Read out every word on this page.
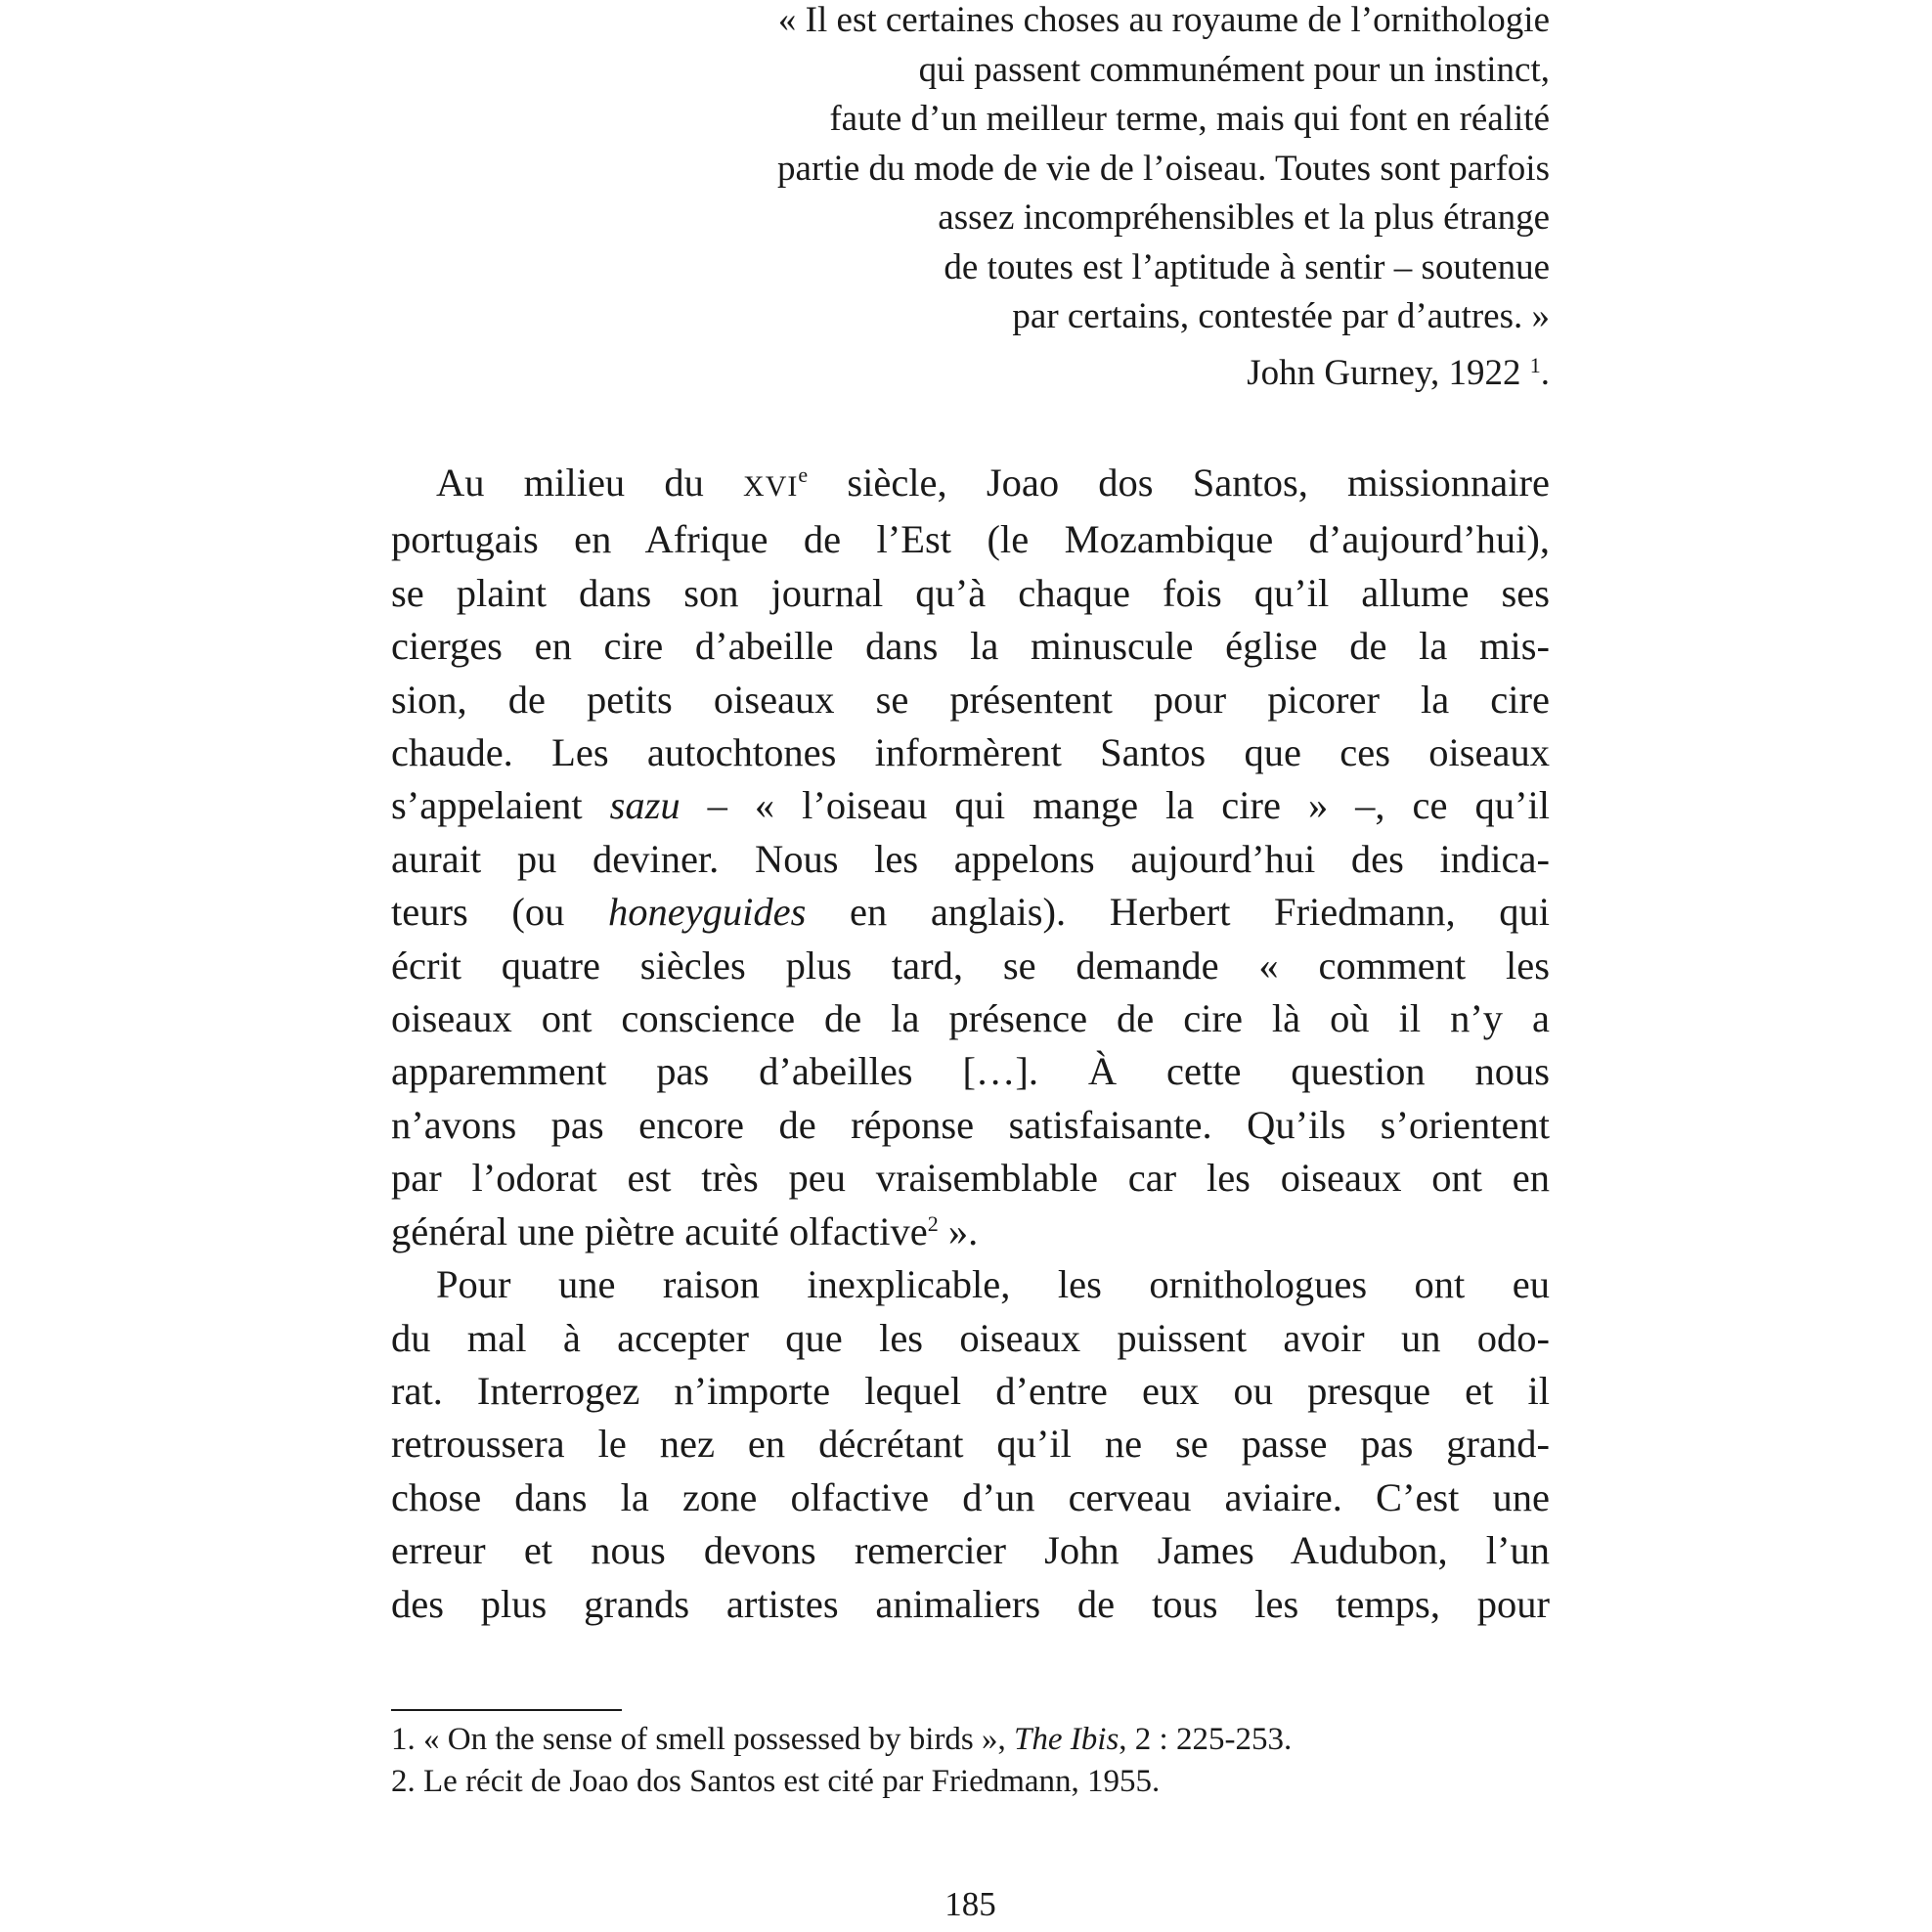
« Il est certaines choses au royaume de l’ornithologie
qui passent communément pour un instinct,
faute d’un meilleur terme, mais qui font en réalité
partie du mode de vie de l’oiseau. Toutes sont parfois
assez incompréhensibles et la plus étrange
de toutes est l’aptitude à sentir – soutenue
par certains, contestée par d’autres. »
John Gurney, 1922 $^1$.
Au milieu du XVIe siècle, Joao dos Santos, missionnaire
portugais en Afrique de l’Est (le Mozambique d’aujourd’hui),
se plaint dans son journal qu’à chaque fois qu’il allume ses
cierges en cire d’abeille dans la minuscule église de la mis-
sion, de petits oiseaux se présentent pour picorer la cire
chaude. Les autochtones informèrent Santos que ces oiseaux
s’appelaient sazu – « l’oiseau qui mange la cire » –, ce qu’il
aurait pu deviner. Nous les appelons aujourd’hui des indica-
teurs (ou honeyguides en anglais). Herbert Friedmann, qui
écrit quatre siècles plus tard, se demande « comment les
oiseaux ont conscience de la présence de cire là où il n’y a
apparemment pas d’abeilles […]. À cette question nous
n’avons pas encore de réponse satisfaisante. Qu’ils s’orientent
par l’odorat est très peu vraisemblable car les oiseaux ont en
général une piètre acuité olfactive$^2$ ».
Pour une raison inexplicable, les ornithologues ont eu
du mal à accepter que les oiseaux puissent avoir un odo-
rat. Interrogez n’importe lequel d’entre eux ou presque et il
retroussera le nez en décrétant qu’il ne se passe pas grand-
chose dans la zone olfactive d’un cerveau aviaire. C’est une
erreur et nous devons remercier John James Audubon, l’un
des plus grands artistes animaliers de tous les temps, pour
1. « On the sense of smell possessed by birds », The Ibis, 2 : 225-253.
2. Le récit de Joao dos Santos est cité par Friedmann, 1955.
185
